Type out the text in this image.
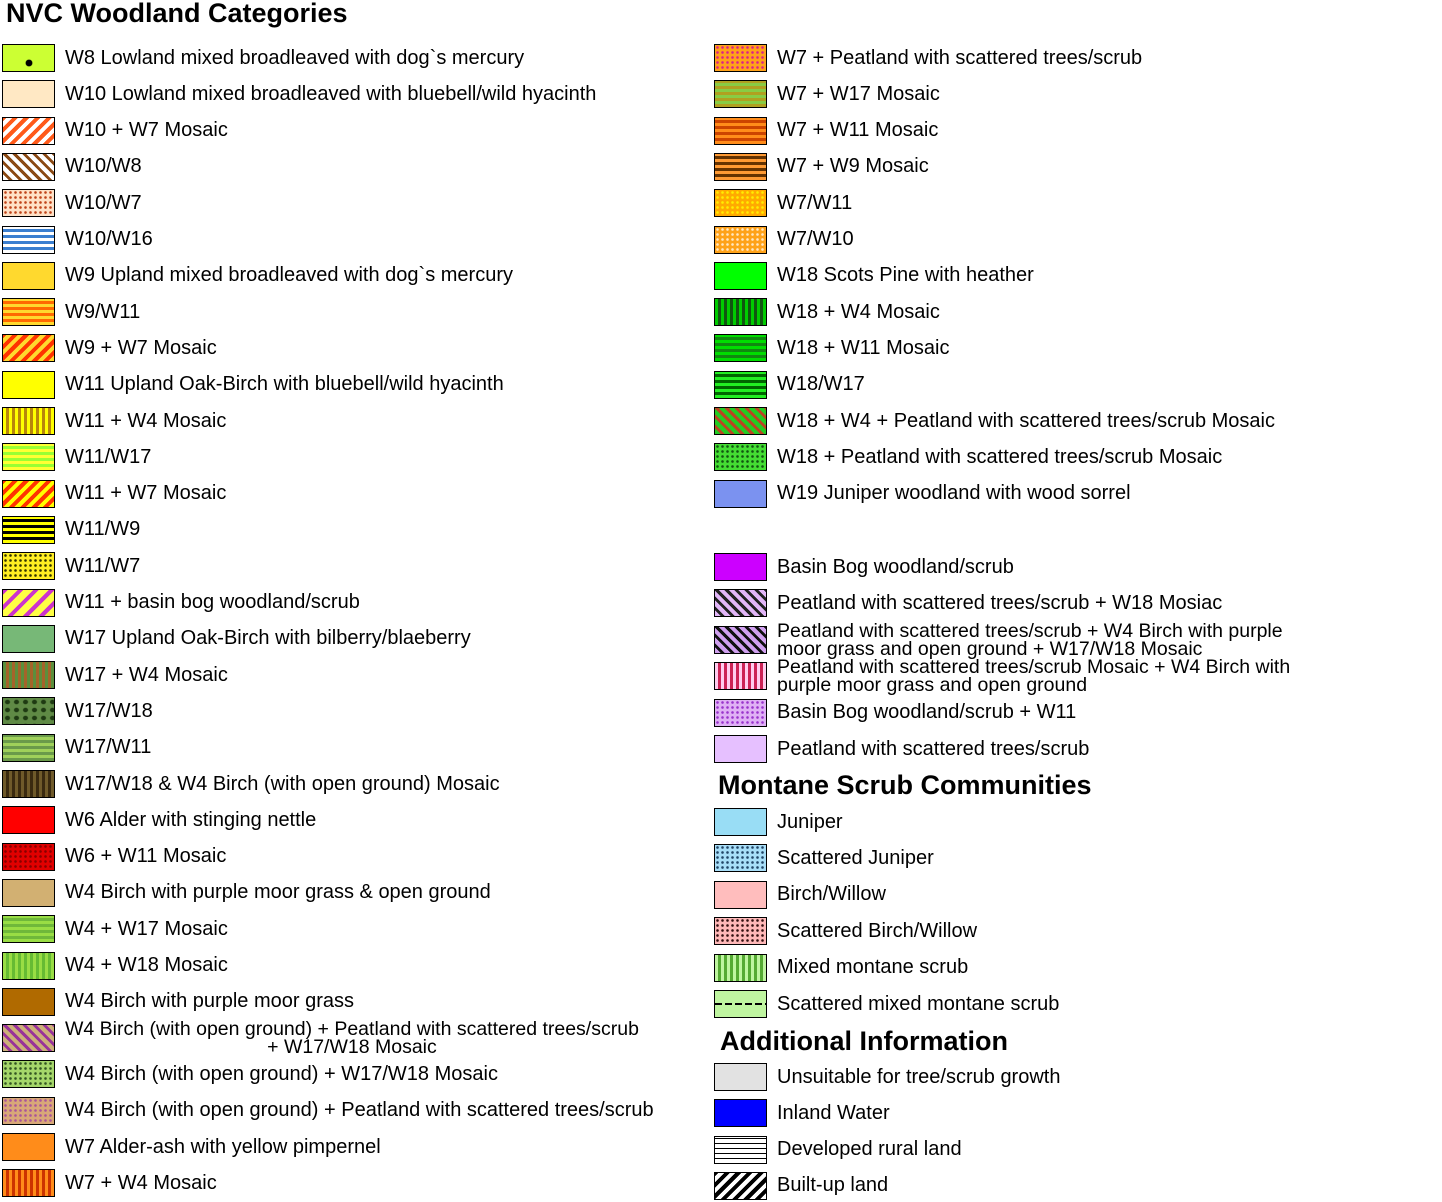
NVC Woodland Categories
Montane Scrub Communities
Additional Information
W8 Lowland mixed broadleaved with dog`s mercury
W10 Lowland mixed broadleaved with bluebell/wild hyacinth
W10 + W7 Mosaic
W10/W8
W10/W7
W10/W16
W9 Upland mixed broadleaved with dog`s mercury
W9/W11
W9 + W7 Mosaic
W11 Upland Oak-Birch with bluebell/wild hyacinth
W11 + W4 Mosaic
W11/W17
W11 + W7 Mosaic
W11/W9
W11/W7
W11 + basin bog woodland/scrub
W17 Upland Oak-Birch with bilberry/blaeberry
W17 + W4 Mosaic
W17/W18
W17/W11
W17/W18 & W4 Birch (with open ground) Mosaic
W6 Alder with stinging nettle
W6 + W11 Mosaic
W4 Birch with purple moor grass & open ground
W4 + W17 Mosaic
W4 + W18 Mosaic
W4 Birch with purple moor grass
W4 Birch (with open ground) + Peatland with scattered trees/scrub
+ W17/W18 Mosaic
W4 Birch (with open ground) + W17/W18 Mosaic
W4 Birch (with open ground) + Peatland with scattered trees/scrub
W7 Alder-ash with yellow pimpernel
W7 + W4 Mosaic
W7 + Peatland with scattered trees/scrub
W7 + W17 Mosaic
W7 + W11 Mosaic
W7 + W9 Mosaic
W7/W11
W7/W10
W18 Scots Pine with heather
W18 + W4 Mosaic
W18 + W11 Mosaic
W18/W17
W18 + W4 + Peatland with scattered trees/scrub Mosaic
W18 + Peatland with scattered trees/scrub Mosaic
W19 Juniper woodland with wood sorrel
Basin Bog woodland/scrub
Peatland with scattered trees/scrub + W18 Mosiac
Peatland with scattered trees/scrub + W4 Birch with purple
moor grass and open ground + W17/W18 Mosaic
Peatland with scattered trees/scrub Mosaic + W4 Birch with
purple moor grass and open ground
Basin Bog woodland/scrub + W11
Peatland with scattered trees/scrub
Juniper
Scattered Juniper
Birch/Willow
Scattered Birch/Willow
Mixed montane scrub
Scattered mixed montane scrub
Unsuitable for tree/scrub growth
Inland Water
Developed rural land
Built-up land
